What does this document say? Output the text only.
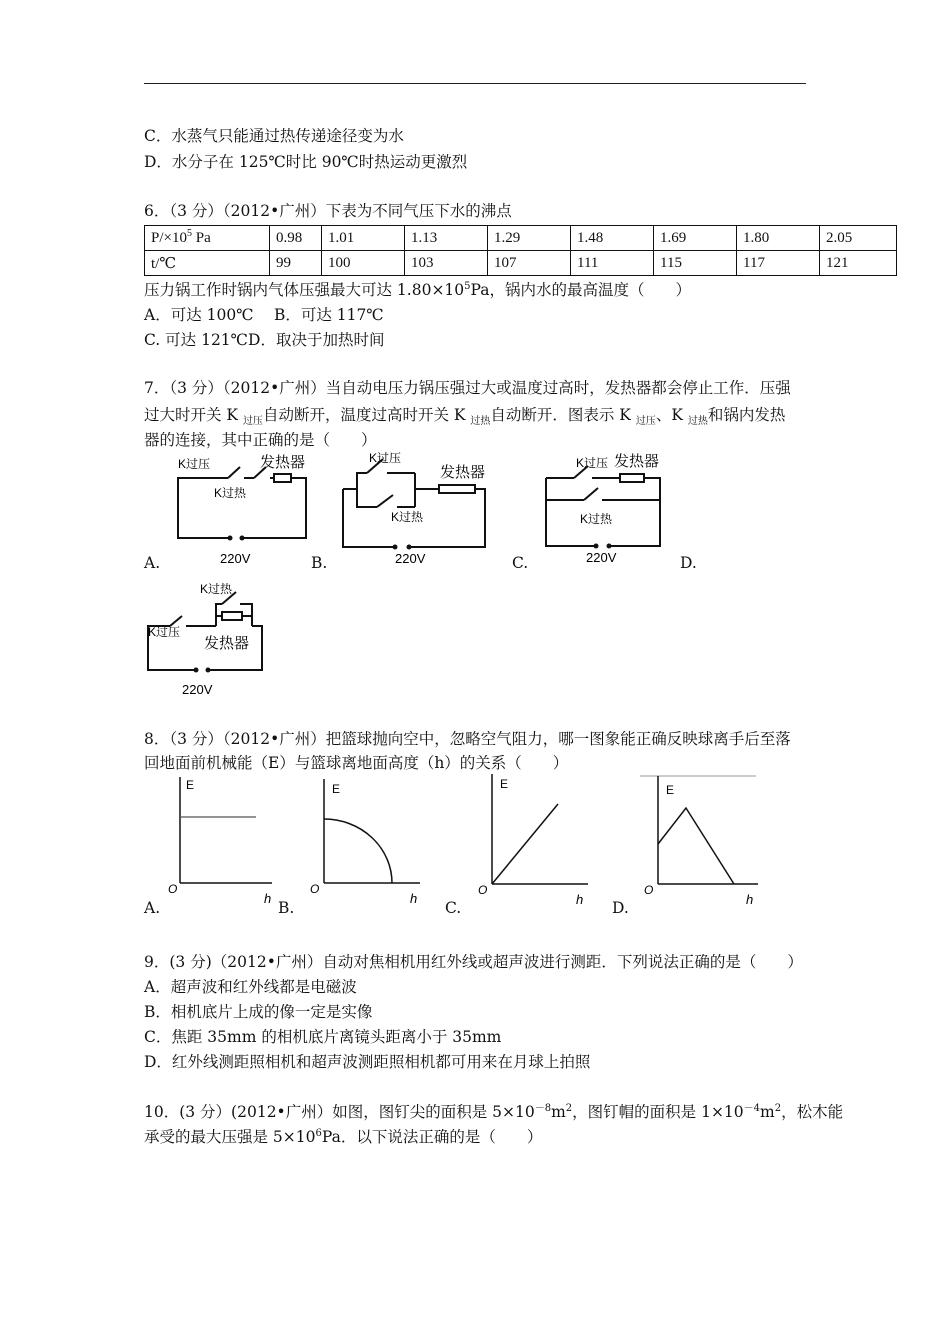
C．水蒸气只能通过热传递途径变为水
D．水分子在 125℃时比 90℃时热运动更激烈
6．（3 分）（2012•广州）下表为不同气压下水的沸点
$P/\times 10^5$ Pa	0.98	1.01	1.13	1.29	1.48	1.69	1.80	2.05
t/℃	99	100	103	107	111	115	117	121
压力锅工作时锅内气体压强最大可达 $1.80\times 10^5Pa$，锅内水的最高温度（　　）
A．可达 100℃　 B．可达 117℃
C. 可达 121℃D．取决于加热时间
7．（3 分）（2012•广州）当自动电压力锅压强过大或温度过高时，发热器都会停止工作．压强
过大时开关 K $_{过压}$自动断开，温度过高时开关 K $_{过热}$自动断开．图表示 K $_{过压}$、K $_{过热}$和锅内发热
器的连接，其中正确的是（　　）
K过压	发热器
K过热
220V
A.
K过压
发热器
K过热
220V
B.
K过压 发热器
K过热
220V
C.	D.
K过热
K过压
发热器
220V
8．（3 分）（2012•广州）把篮球抛向空中，忽略空气阻力，哪一图象能正确反映球离手后至落
回地面前机械能（E）与篮球离地面高度（h）的关系（　　）
E
O
h
A.
E
O
h
B.
E
O
h
C.
E
O
h
D.
9．(3 分)（2012•广州）自动对焦相机用红外线或超声波进行测距．下列说法正确的是（　　）
A．超声波和红外线都是电磁波
B．相机底片上成的像一定是实像
C．焦距 35mm 的相机底片离镜头距离小于 35mm
D．红外线测距照相机和超声波测距照相机都可用来在月球上拍照
10．(3 分）(2012•广州）如图，图钉尖的面积是 $5\times 10^{-8}m^2$，图钉帽的面积是 $1\times 10^{-4}m^2$，松木能
承受的最大压强是 $5\times 10^6Pa$．以下说法正确的是（　　）
